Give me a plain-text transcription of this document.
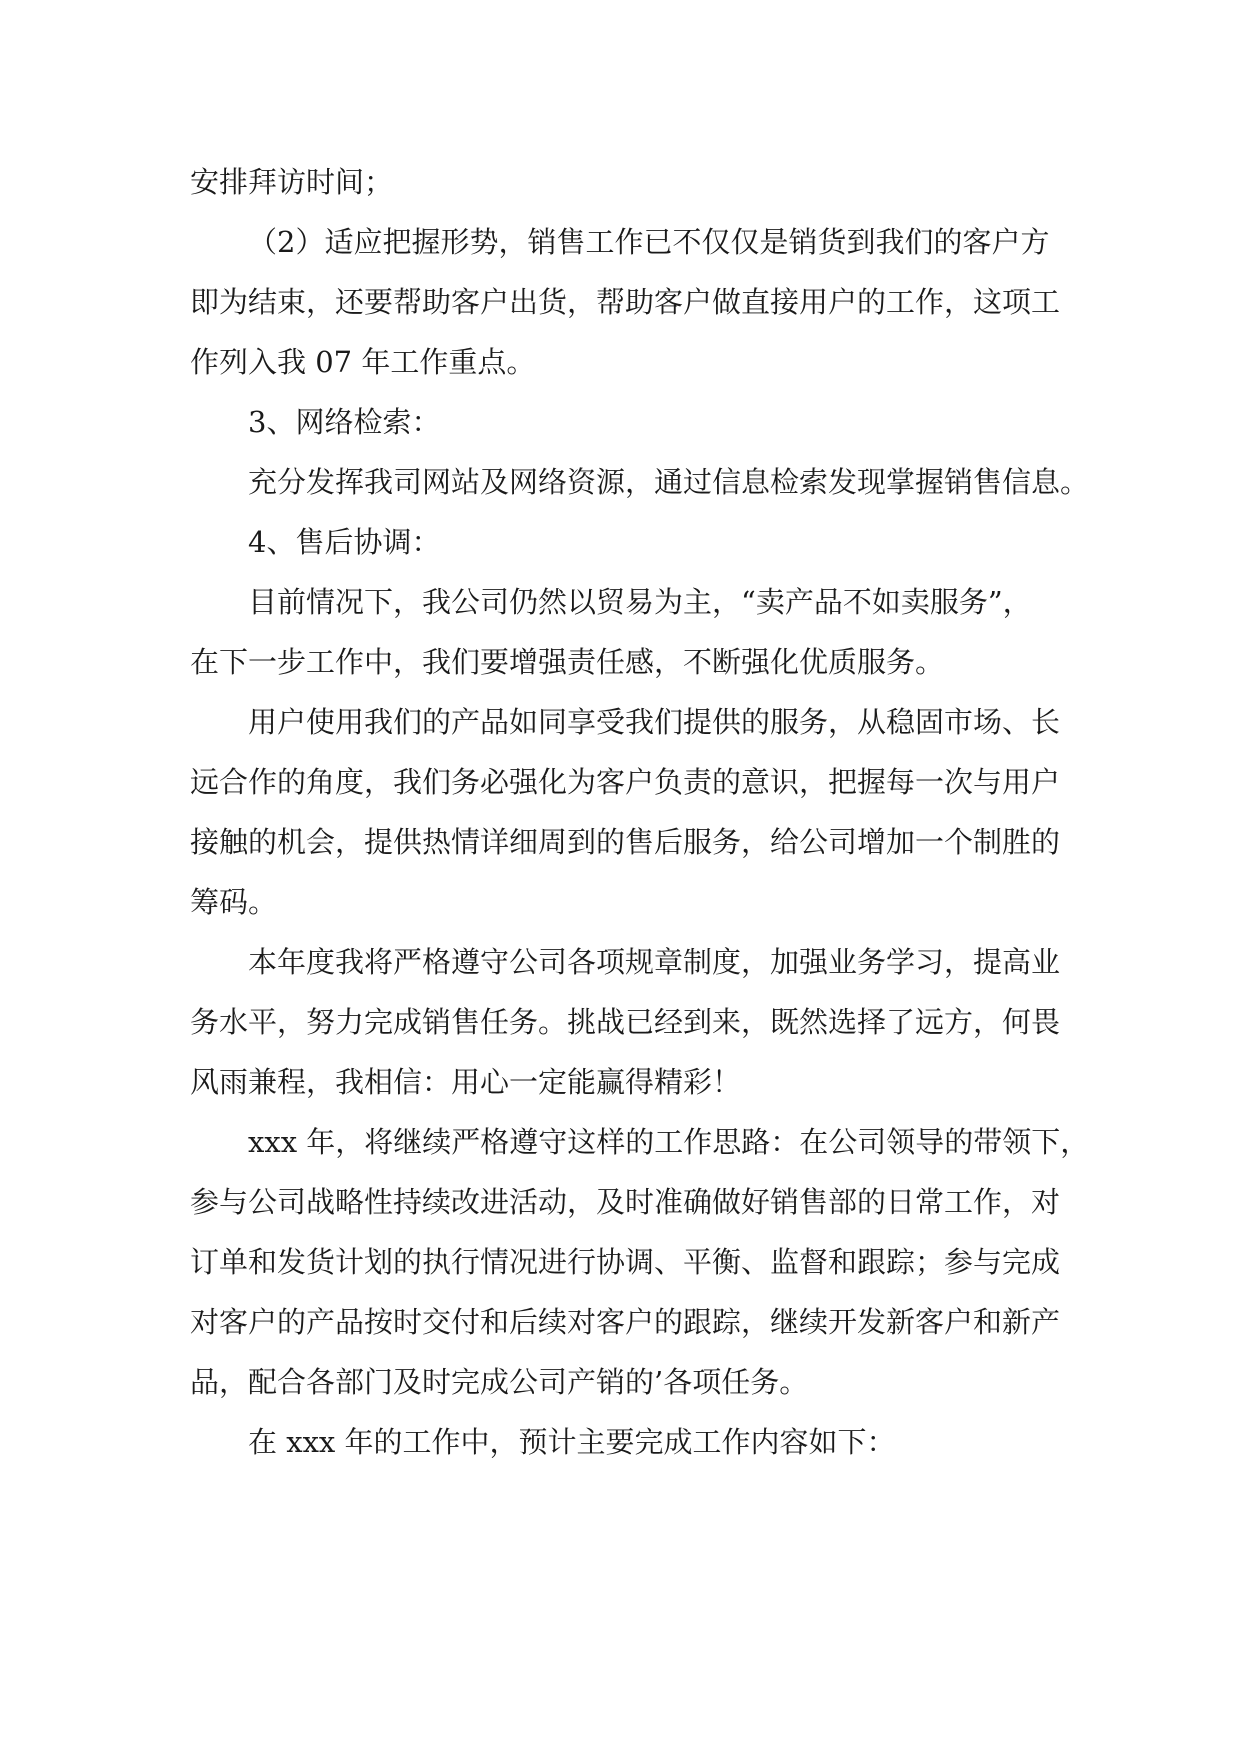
安排拜访时间；

（2）适应把握形势，销售工作已不仅仅是销货到我们的客户方
即为结束，还要帮助客户出货，帮助客户做直接用户的工作，这项工
作列入我 07 年工作重点。

3、网络检索：

充分发挥我司网站及网络资源，通过信息检索发现掌握销售信息。

4、售后协调：

目前情况下，我公司仍然以贸易为主，“卖产品不如卖服务”，
在下一步工作中，我们要增强责任感，不断强化优质服务。

用户使用我们的产品如同享受我们提供的服务，从稳固市场、长
远合作的角度，我们务必强化为客户负责的意识，把握每一次与用户
接触的机会，提供热情详细周到的售后服务，给公司增加一个制胜的
筹码。

本年度我将严格遵守公司各项规章制度，加强业务学习，提高业
务水平，努力完成销售任务。挑战已经到来，既然选择了远方，何畏
风雨兼程，我相信：用心一定能赢得精彩！

xxx 年，将继续严格遵守这样的工作思路：在公司领导的带领下，
参与公司战略性持续改进活动，及时准确做好销售部的日常工作，对
订单和发货计划的执行情况进行协调、平衡、监督和跟踪；参与完成
对客户的产品按时交付和后续对客户的跟踪，继续开发新客户和新产
品，配合各部门及时完成公司产销的’各项任务。

在 xxx 年的工作中，预计主要完成工作内容如下：
